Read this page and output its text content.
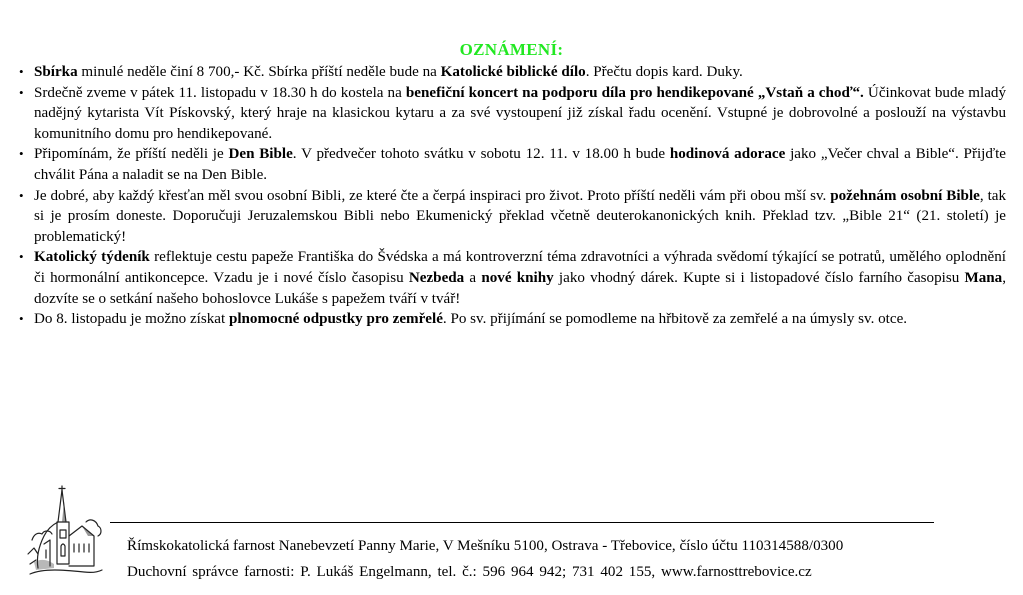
OZNÁMENÍ:
• Sbírka minulé neděle činí 8 700,- Kč. Sbírka příští neděle bude na Katolické biblické dílo. Přečtu dopis kard. Duky.
• Srdečně zveme v pátek 11. listopadu v 18.30 h do kostela na benefiční koncert na podporu díla pro hendikepované „Vstaň a choď“. Účinkovat bude mladý nadějný kytarista Vít Pískovský, který hraje na klasickou kytaru a za své vystoupení již získal řadu ocenění. Vstupné je dobrovolné a poslouží na výstavbu komunitního domu pro hendikepované.
• Připomínám, že příští neděli je Den Bible. V předvečer tohoto svátku v sobotu 12. 11. v 18.00 h bude hodinová adorace jako „Večer chval a Bible“. Přijďte chválit Pána a naladit se na Den Bible.
• Je dobré, aby každý křesťan měl svou osobní Bibli, ze které čte a čerpá inspiraci pro život. Proto příští neděli vám při obou mší sv. požehnám osobní Bible, tak si je prosím doneste. Doporučuji Jeruzalemskou Bibli nebo Ekumenický překlad včetně deuterokanonických knih. Překlad tzv. „Bible 21“ (21. století) je problematický!
• Katolický týdeník reflektuje cestu papeže Františka do Švédska a má kontroverzní téma zdravotníci a výhrada svědomí týkající se potratů, umělého oplodnění či hormonální antikoncepce. Vzadu je i nové číslo časopisu Nezbeda a nové knihy jako vhodný dárek. Kupte si i listopadové číslo farního časopisu Mana, dozvíte se o setkání našeho bohoslovce Lukáše s papežem tváří v tvář!
• Do 8. listopadu je možno získat plnomocné odpustky pro zemřelé. Po sv. přijímání se pomodleme na hřbitově za zemřelé a na úmysly sv. otce.
Římskokatolická farnost Nanebevzetí Panny Marie, V Mešníku 5100, Ostrava - Třebovice, číslo účtu 110314588/0300
Duchovní správce farnosti: P. Lukáš Engelmann, tel. č.: 596 964 942; 731 402 155, www.farnosttrebovice.cz
